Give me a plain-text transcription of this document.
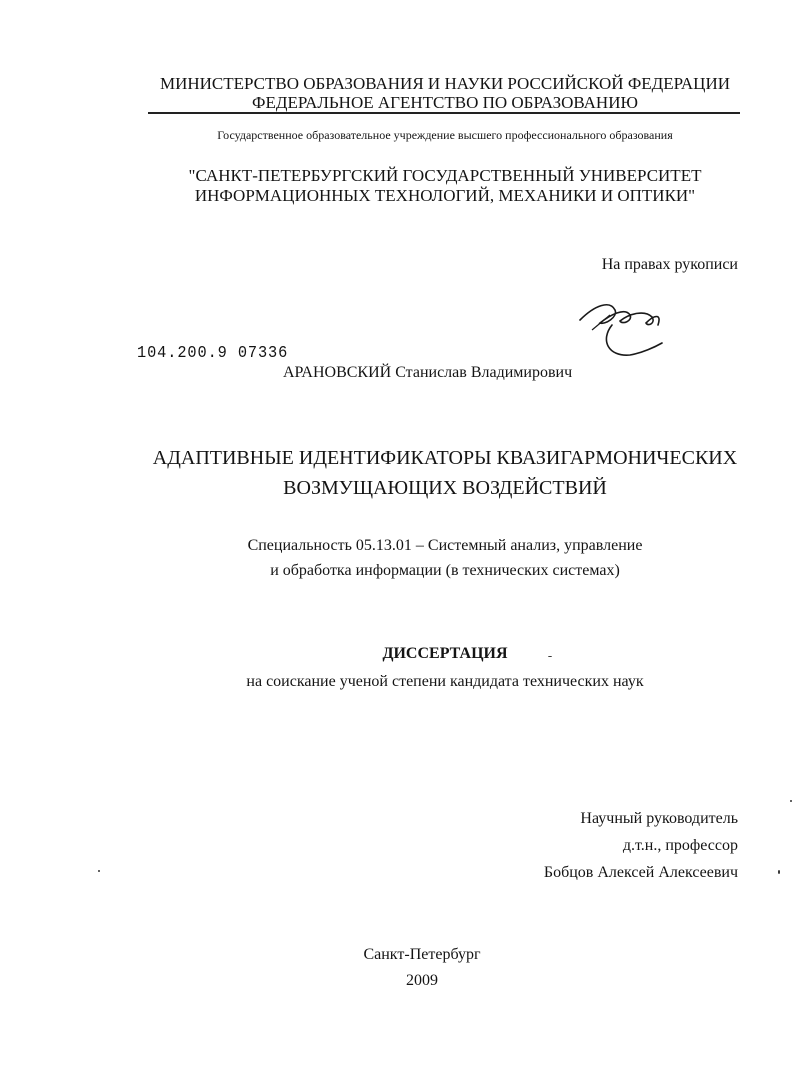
МИНИСТЕРСТВО ОБРАЗОВАНИЯ И НАУКИ РОССИЙСКОЙ ФЕДЕРАЦИИ
ФЕДЕРАЛЬНОЕ АГЕНТСТВО ПО ОБРАЗОВАНИЮ
Государственное образовательное учреждение высшего профессионального образования
"САНКТ-ПЕТЕРБУРГСКИЙ ГОСУДАРСТВЕННЫЙ УНИВЕРСИТЕТ
ИНФОРМАЦИОННЫХ ТЕХНОЛОГИЙ, МЕХАНИКИ И ОПТИКИ"
На правах рукописи
104.200.9 07336
АРАНОВСКИЙ Станислав Владимирович
АДАПТИВНЫЕ ИДЕНТИФИКАТОРЫ КВАЗИГАРМОНИЧЕСКИХ
ВОЗМУЩАЮЩИХ ВОЗДЕЙСТВИЙ
Специальность 05.13.01 – Системный анализ, управление
и обработка информации (в технических системах)
ДИССЕРТАЦИЯ
на соискание ученой степени кандидата технических наук
Научный руководитель
д.т.н., профессор
Бобцов Алексей Алексеевич
Санкт-Петербург
2009
